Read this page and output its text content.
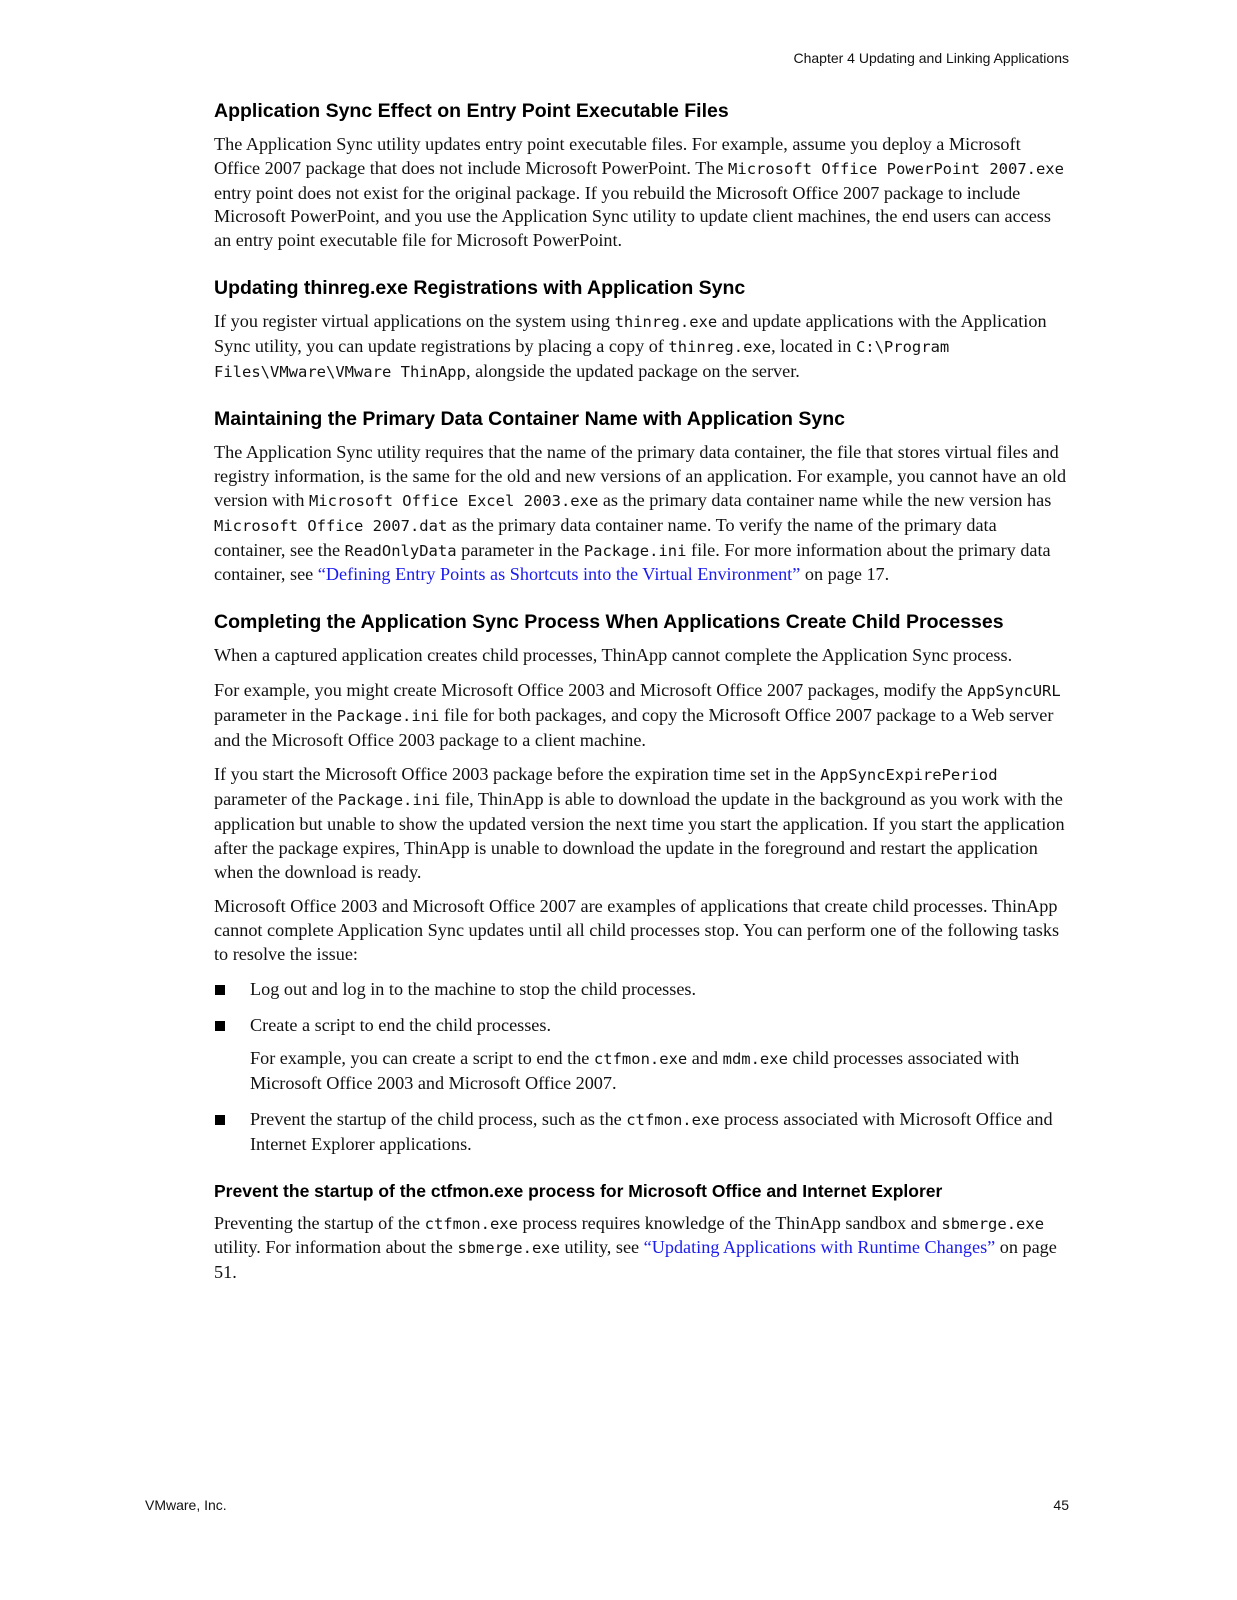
Chapter 4 Updating and Linking Applications
Application Sync Effect on Entry Point Executable Files

The Application Sync utility updates entry point executable files. For example, assume you deploy a Microsoft Office 2007 package that does not include Microsoft PowerPoint. The Microsoft Office PowerPoint 2007.exe entry point does not exist for the original package. If you rebuild the Microsoft Office 2007 package to include Microsoft PowerPoint, and you use the Application Sync utility to update client machines, the end users can access an entry point executable file for Microsoft PowerPoint.

Updating thinreg.exe Registrations with Application Sync

If you register virtual applications on the system using thinreg.exe and update applications with the Application Sync utility, you can update registrations by placing a copy of thinreg.exe, located in C:\Program Files\VMware\VMware ThinApp, alongside the updated package on the server.

Maintaining the Primary Data Container Name with Application Sync

The Application Sync utility requires that the name of the primary data container, the file that stores virtual files and registry information, is the same for the old and new versions of an application. For example, you cannot have an old version with Microsoft Office Excel 2003.exe as the primary data container name while the new version has Microsoft Office 2007.dat as the primary data container name. To verify the name of the primary data container, see the ReadOnlyData parameter in the Package.ini file. For more information about the primary data container, see “Defining Entry Points as Shortcuts into the Virtual Environment” on page 17.

Completing the Application Sync Process When Applications Create Child Processes

When a captured application creates child processes, ThinApp cannot complete the Application Sync process.

For example, you might create Microsoft Office 2003 and Microsoft Office 2007 packages, modify the AppSyncURL parameter in the Package.ini file for both packages, and copy the Microsoft Office 2007 package to a Web server and the Microsoft Office 2003 package to a client machine.

If you start the Microsoft Office 2003 package before the expiration time set in the AppSyncExpirePeriod parameter of the Package.ini file, ThinApp is able to download the update in the background as you work with the application but unable to show the updated version the next time you start the application. If you start the application after the package expires, ThinApp is unable to download the update in the foreground and restart the application when the download is ready.

Microsoft Office 2003 and Microsoft Office 2007 are examples of applications that create child processes. ThinApp cannot complete Application Sync updates until all child processes stop. You can perform one of the following tasks to resolve the issue:

Log out and log in to the machine to stop the child processes.

Create a script to end the child processes.

For example, you can create a script to end the ctfmon.exe and mdm.exe child processes associated with Microsoft Office 2003 and Microsoft Office 2007.

Prevent the startup of the child process, such as the ctfmon.exe process associated with Microsoft Office and Internet Explorer applications.

Prevent the startup of the ctfmon.exe process for Microsoft Office and Internet Explorer

Preventing the startup of the ctfmon.exe process requires knowledge of the ThinApp sandbox and sbmerge.exe utility. For information about the sbmerge.exe utility, see “Updating Applications with Runtime Changes” on page 51.

VMware, Inc.	45
